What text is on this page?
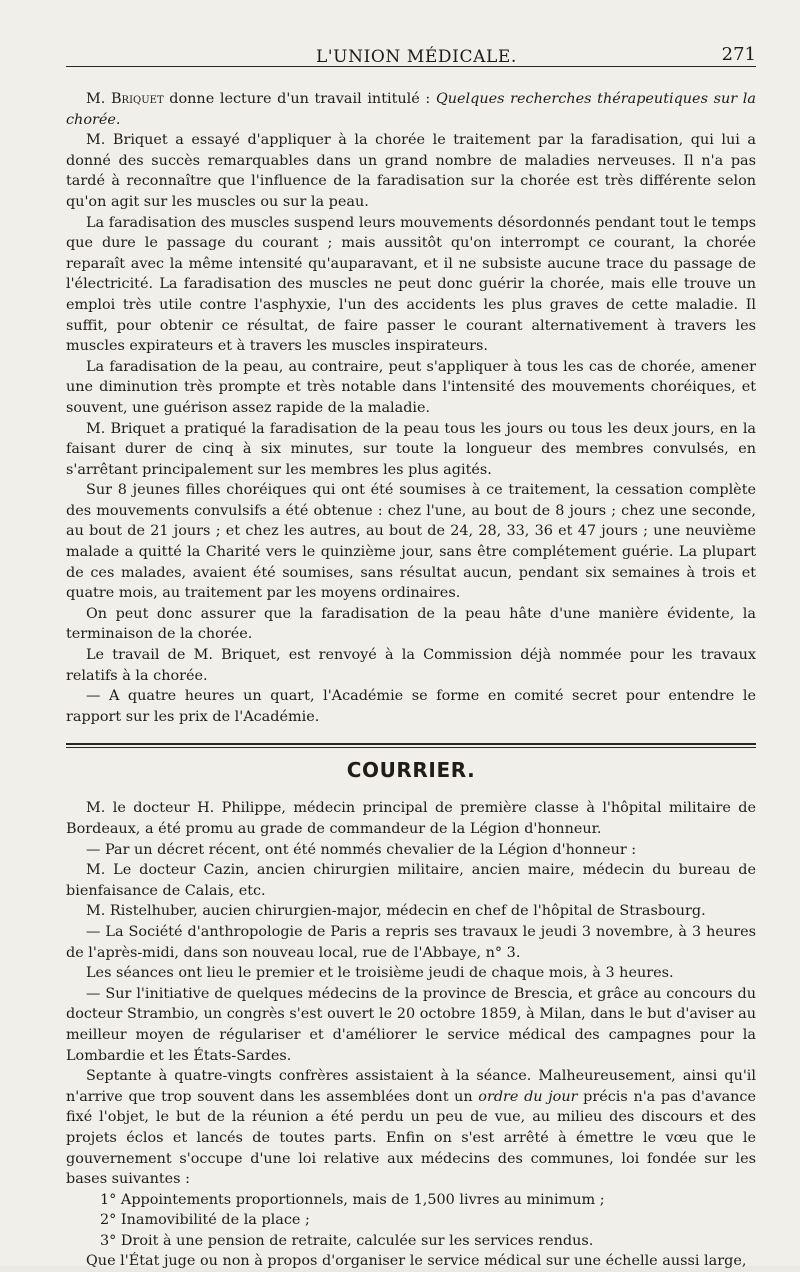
L'UNION MÉDICALE.	271

M. Briquet donne lecture d'un travail intitulé : Quelques recherches thérapeutiques sur la chorée.

M. Briquet a essayé d'appliquer à la chorée le traitement par la faradisation, qui lui a donné des succès remarquables dans un grand nombre de maladies nerveuses. Il n'a pas tardé à reconnaître que l'influence de la faradisation sur la chorée est très différente selon qu'on agit sur les muscles ou sur la peau.

La faradisation des muscles suspend leurs mouvements désordonnés pendant tout le temps que dure le passage du courant ; mais aussitôt qu'on interrompt ce courant, la chorée reparaît avec la même intensité qu'auparavant, et il ne subsiste aucune trace du passage de l'électricité. La faradisation des muscles ne peut donc guérir la chorée, mais elle trouve un emploi très utile contre l'asphyxie, l'un des accidents les plus graves de cette maladie. Il suffit, pour obtenir ce résultat, de faire passer le courant alternativement à travers les muscles expirateurs et à travers les muscles inspirateurs.

La faradisation de la peau, au contraire, peut s'appliquer à tous les cas de chorée, amener une diminution très prompte et très notable dans l'intensité des mouvements choréiques, et souvent, une guérison assez rapide de la maladie.

M. Briquet a pratiqué la faradisation de la peau tous les jours ou tous les deux jours, en la faisant durer de cinq à six minutes, sur toute la longueur des membres convulsés, en s'arrêtant principalement sur les membres les plus agités.

Sur 8 jeunes filles choréiques qui ont été soumises à ce traitement, la cessation complète des mouvements convulsifs a été obtenue : chez l'une, au bout de 8 jours ; chez une seconde, au bout de 21 jours ; et chez les autres, au bout de 24, 28, 33, 36 et 47 jours ; une neuvième malade a quitté la Charité vers le quinzième jour, sans être complétement guérie. La plupart de ces malades, avaient été soumises, sans résultat aucun, pendant six semaines à trois et quatre mois, au traitement par les moyens ordinaires.

On peut donc assurer que la faradisation de la peau hâte d'une manière évidente, la terminaison de la chorée.

Le travail de M. Briquet, est renvoyé à la Commission déjà nommée pour les travaux relatifs à la chorée.

— A quatre heures un quart, l'Académie se forme en comité secret pour entendre le rapport sur les prix de l'Académie.

COURRIER.

M. le docteur H. Philippe, médecin principal de première classe à l'hôpital militaire de Bordeaux, a été promu au grade de commandeur de la Légion d'honneur.

— Par un décret récent, ont été nommés chevalier de la Légion d'honneur :

M. Le docteur Cazin, ancien chirurgien militaire, ancien maire, médecin du bureau de bienfaisance de Calais, etc.

M. Ristelhuber, aucien chirurgien-major, médecin en chef de l'hôpital de Strasbourg.

— La Société d'anthropologie de Paris a repris ses travaux le jeudi 3 novembre, à 3 heures de l'après-midi, dans son nouveau local, rue de l'Abbaye, n° 3.

Les séances ont lieu le premier et le troisième jeudi de chaque mois, à 3 heures.

— Sur l'initiative de quelques médecins de la province de Brescia, et grâce au concours du docteur Strambio, un congrès s'est ouvert le 20 octobre 1859, à Milan, dans le but d'aviser au meilleur moyen de régulariser et d'améliorer le service médical des campagnes pour la Lombardie et les États-Sardes.

Septante à quatre-vingts confrères assistaient à la séance. Malheureusement, ainsi qu'il n'arrive que trop souvent dans les assemblées dont un ordre du jour précis n'a pas d'avance fixé l'objet, le but de la réunion a été perdu un peu de vue, au milieu des discours et des projets éclos et lancés de toutes parts. Enfin on s'est arrêté à émettre le vœu que le gouvernement s'occupe d'une loi relative aux médecins des communes, loi fondée sur les bases suivantes :

1° Appointements proportionnels, mais de 1,500 livres au minimum ;

2° Inamovibilité de la place ;

3° Droit à une pension de retraite, calculée sur les services rendus.

Que l'État juge ou non à propos d'organiser le service médical sur une échelle aussi large,
